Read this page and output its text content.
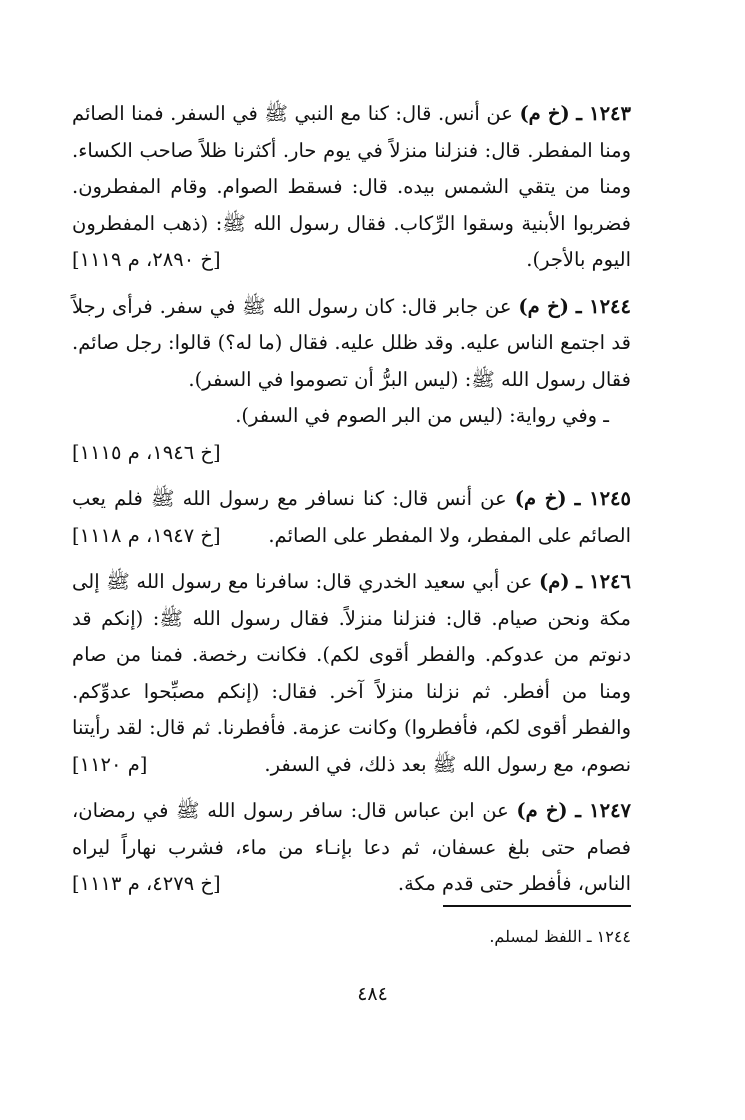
١٢٤٣ ـ (خ م) عن أنس. قال: كنا مع النبي ﷺ في السفر. فمنا الصائم ومنا المفطر. قال: فنزلنا منزلاً في يوم حار. أكثرنا ظلاً صاحب الكساء. ومنا من يتقي الشمس بيده. قال: فسقط الصوام. وقام المفطرون. فضربوا الأبنية وسقوا الرِّكاب. فقال رسول الله ﷺ: (ذهب المفطرون اليوم بالأجر).
[خ ٢٨٩٠، م ١١١٩]

١٢٤٤ ـ (خ م) عن جابر قال: كان رسول الله ﷺ في سفر. فرأى رجلاً قد اجتمع الناس عليه. وقد ظلل عليه. فقال (ما له؟) قالوا: رجل صائم. فقال رسول الله ﷺ: (ليس البرُّ أن تصوموا في السفر).

ـ وفي رواية: (ليس من البر الصوم في السفر).

[خ ١٩٤٦، م ١١١٥]

١٢٤٥ ـ (خ م) عن أنس قال: كنا نسافر مع رسول الله ﷺ فلم يعب الصائم على المفطر، ولا المفطر على الصائم.
[خ ١٩٤٧، م ١١١٨]

١٢٤٦ ـ (م) عن أبي سعيد الخدري قال: سافرنا مع رسول الله ﷺ إلى مكة ونحن صيام. قال: فنزلنا منزلاً. فقال رسول الله ﷺ: (إنكم قد دنوتم من عدوكم. والفطر أقوى لكم). فكانت رخصة. فمنا من صام ومنا من أفطر. ثم نزلنا منزلاً آخر. فقال: (إنكم مصبِّحوا عدوِّكم. والفطر أقوى لكم، فأفطروا) وكانت عزمة. فأفطرنا. ثم قال: لقد رأيتنا نصوم، مع رسول الله ﷺ بعد ذلك، في السفر.
[م ١١٢٠]

١٢٤٧ ـ (خ م) عن ابن عباس قال: سافر رسول الله ﷺ في رمضان، فصام حتى بلغ عسفان، ثم دعا بإنـاء من ماء، فشرب نهاراً ليراه الناس، فأفطر حتى قدم مكة.
[خ ٤٢٧٩، م ١١١٣]

١٢٤٤ ـ اللفظ لمسلم.
٤٨٤
